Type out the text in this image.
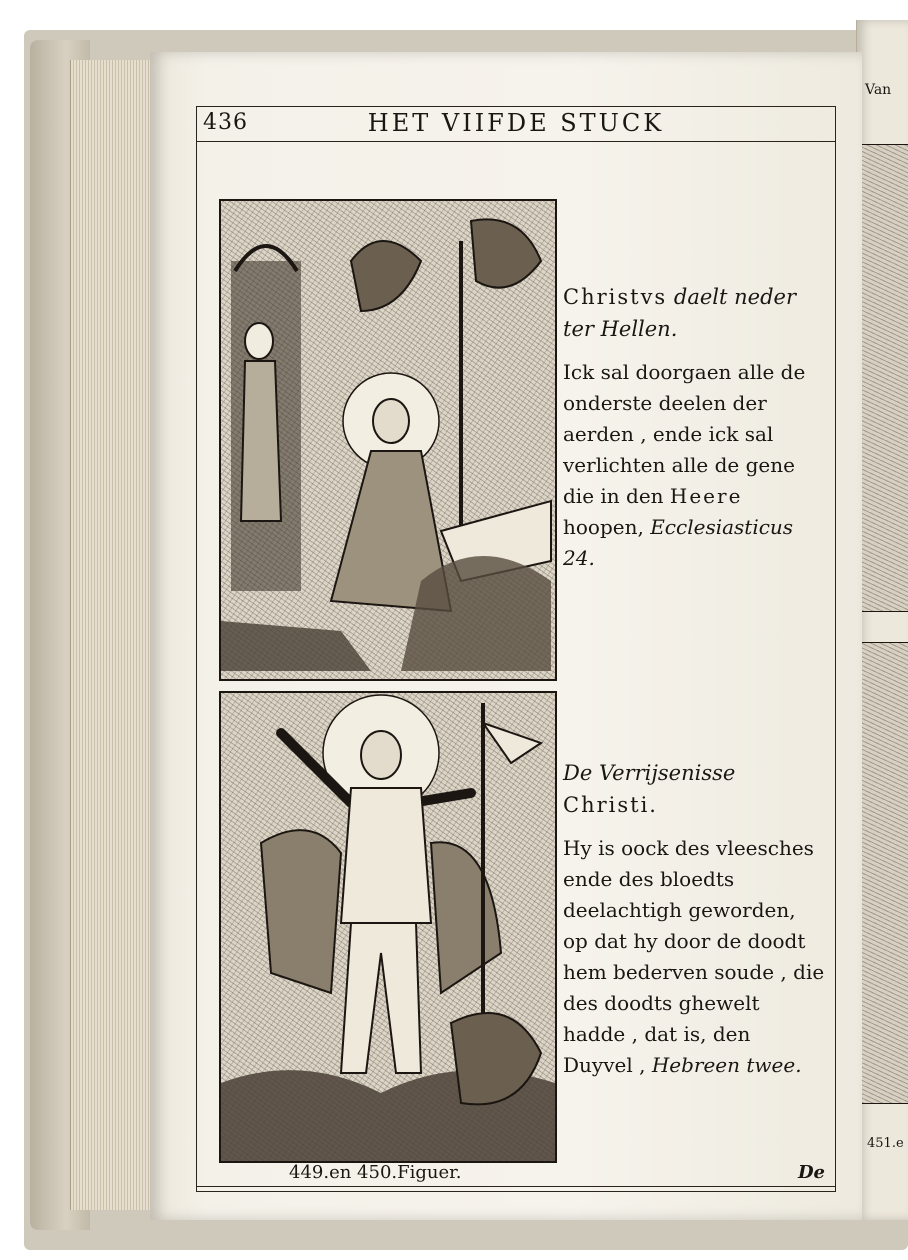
Van
451.e
436	HET VIIFDE STUCK
Christvs daelt neder ter Hellen.
Ick sal doorgaen alle de onderste deelen der aerden , ende ick sal verlichten alle de gene die in den Heere hoopen, Ecclesiasticus 24.
De Verrijsenisse Christi.
Hy is oock des vleesches ende des bloedts deelachtigh geworden, op dat hy door de doodt hem bederven soude , die des doodts ghewelt hadde , dat is, den Duyvel , Hebreen twee.
449.en 450.Figuer.	De
